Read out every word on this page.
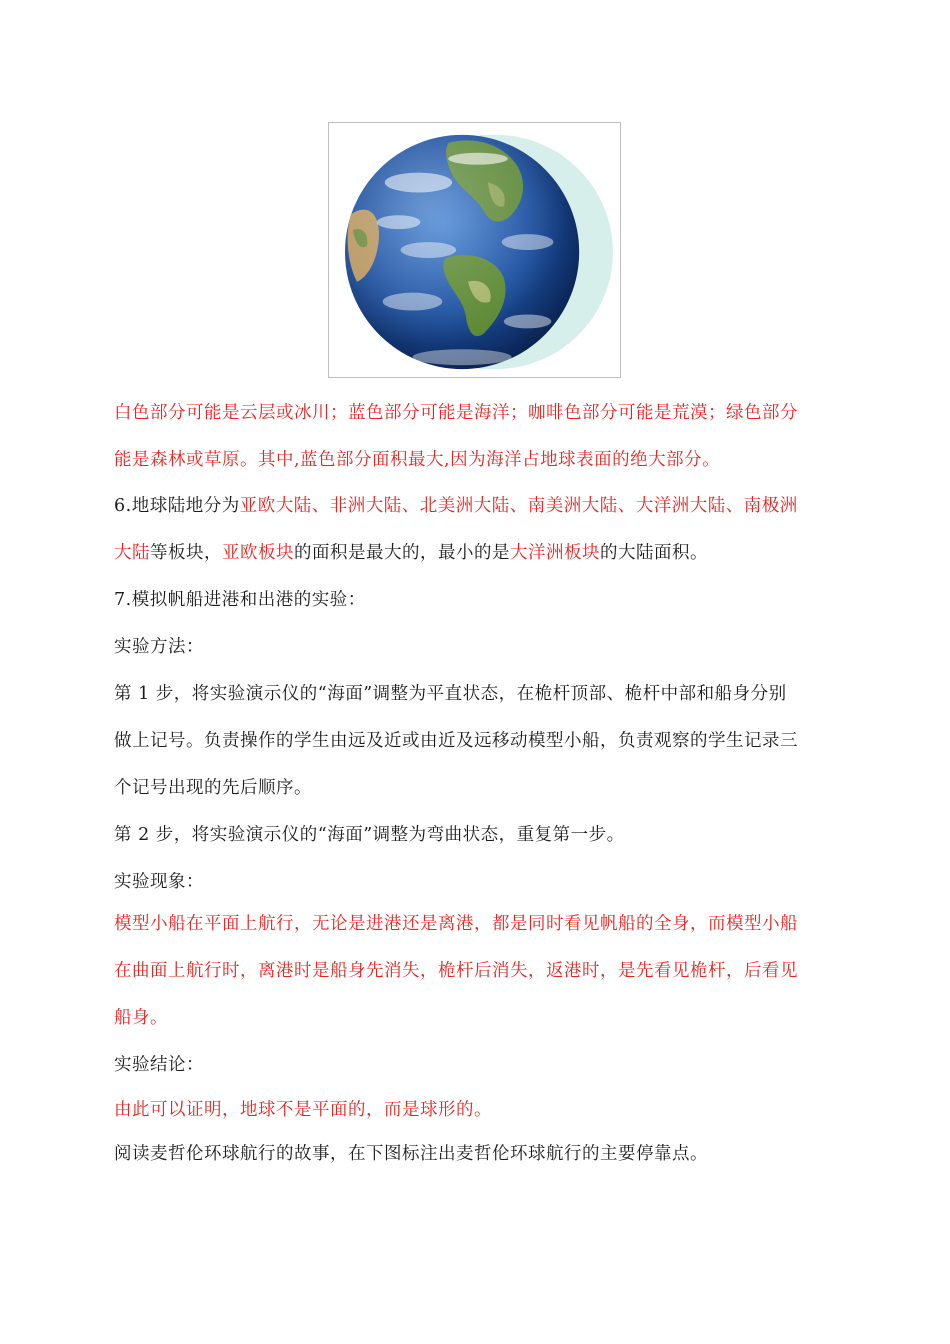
白色部分可能是云层或冰川；蓝色部分可能是海洋；咖啡色部分可能是荒漠；绿色部分
能是森林或草原。其中,蓝色部分面积最大,因为海洋占地球表面的绝大部分。
6.地球陆地分为亚欧大陆、非洲大陆、北美洲大陆、南美洲大陆、大洋洲大陆、南极洲
大陆等板块，亚欧板块的面积是最大的，最小的是大洋洲板块的大陆面积。
7.模拟帆船进港和出港的实验：
实验方法：
第 1 步，将实验演示仪的“海面”调整为平直状态，在桅杆顶部、桅杆中部和船身分别
做上记号。负责操作的学生由远及近或由近及远移动模型小船，负责观察的学生记录三
个记号出现的先后顺序。
第 2 步，将实验演示仪的“海面”调整为弯曲状态，重复第一步。
实验现象：
模型小船在平面上航行，无论是进港还是离港，都是同时看见帆船的全身，而模型小船
在曲面上航行时，离港时是船身先消失，桅杆后消失，返港时，是先看见桅杆，后看见
船身。
实验结论：
由此可以证明，地球不是平面的，而是球形的。
阅读麦哲伦环球航行的故事，在下图标注出麦哲伦环球航行的主要停靠点。
